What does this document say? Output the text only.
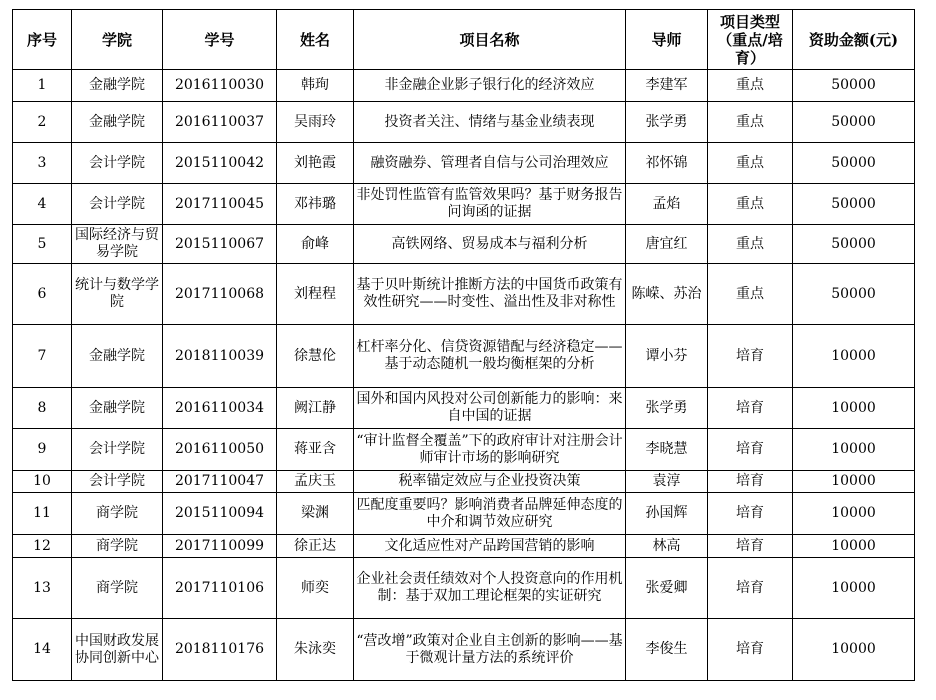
序号	学院	学号	姓名	项目名称	导师	项目类型（重点/培育）	资助金额(元)
1	金融学院	2016110030	韩珣	非金融企业影子银行化的经济效应	李建军	重点	50000
2	金融学院	2016110037	吴雨玲	投资者关注、情绪与基金业绩表现	张学勇	重点	50000
3	会计学院	2015110042	刘艳霞	融资融券、管理者自信与公司治理效应	祁怀锦	重点	50000
4	会计学院	2017110045	邓祎璐	非处罚性监管有监管效果吗？基于财务报告问询函的证据	孟焰	重点	50000
5	国际经济与贸易学院	2015110067	俞峰	高铁网络、贸易成本与福利分析	唐宜红	重点	50000
6	统计与数学学院	2017110068	刘程程	基于贝叶斯统计推断方法的中国货币政策有效性研究——时变性、溢出性及非对称性	陈嵘、苏治	重点	50000
7	金融学院	2018110039	徐慧伦	杠杆率分化、信贷资源错配与经济稳定——基于动态随机一般均衡框架的分析	谭小芬	培育	10000
8	金融学院	2016110034	阙江静	国外和国内风投对公司创新能力的影响：来自中国的证据	张学勇	培育	10000
9	会计学院	2016110050	蒋亚含	“审计监督全覆盖”下的政府审计对注册会计师审计市场的影响研究	李晓慧	培育	10000
10	会计学院	2017110047	孟庆玉	税率锚定效应与企业投资决策	袁淳	培育	10000
11	商学院	2015110094	梁渊	匹配度重要吗？影响消费者品牌延伸态度的中介和调节效应研究	孙国辉	培育	10000
12	商学院	2017110099	徐正达	文化适应性对产品跨国营销的影响	林高	培育	10000
13	商学院	2017110106	师奕	企业社会责任绩效对个人投资意向的作用机制：基于双加工理论框架的实证研究	张爱卿	培育	10000
14	中国财政发展协同创新中心	2018110176	朱泳奕	“营改增”政策对企业自主创新的影响——基于微观计量方法的系统评价	李俊生	培育	10000
